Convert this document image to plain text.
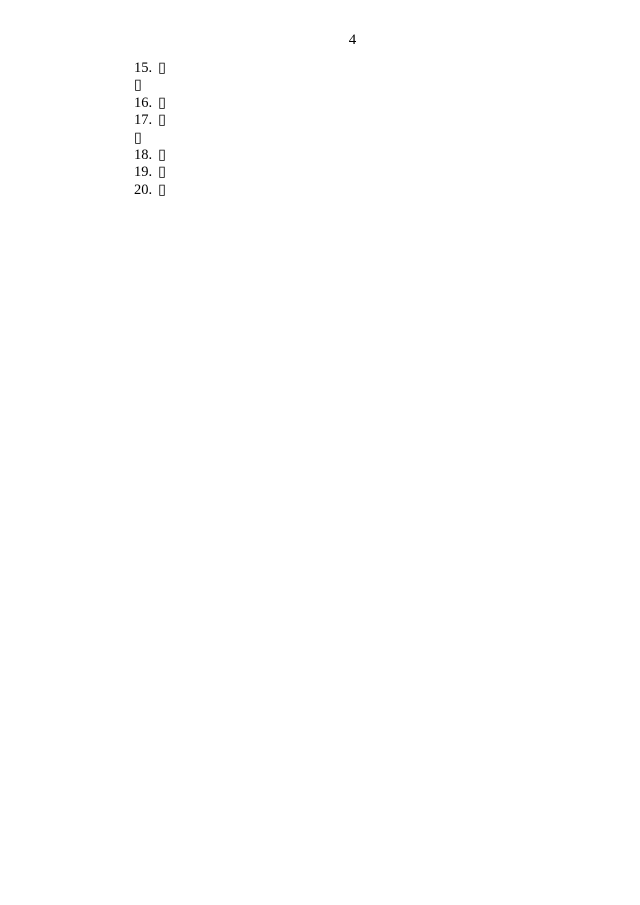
4

15. ▯

▯

16. ▯

17. ▯

▯

18. ▯

19. ▯

20. ▯
